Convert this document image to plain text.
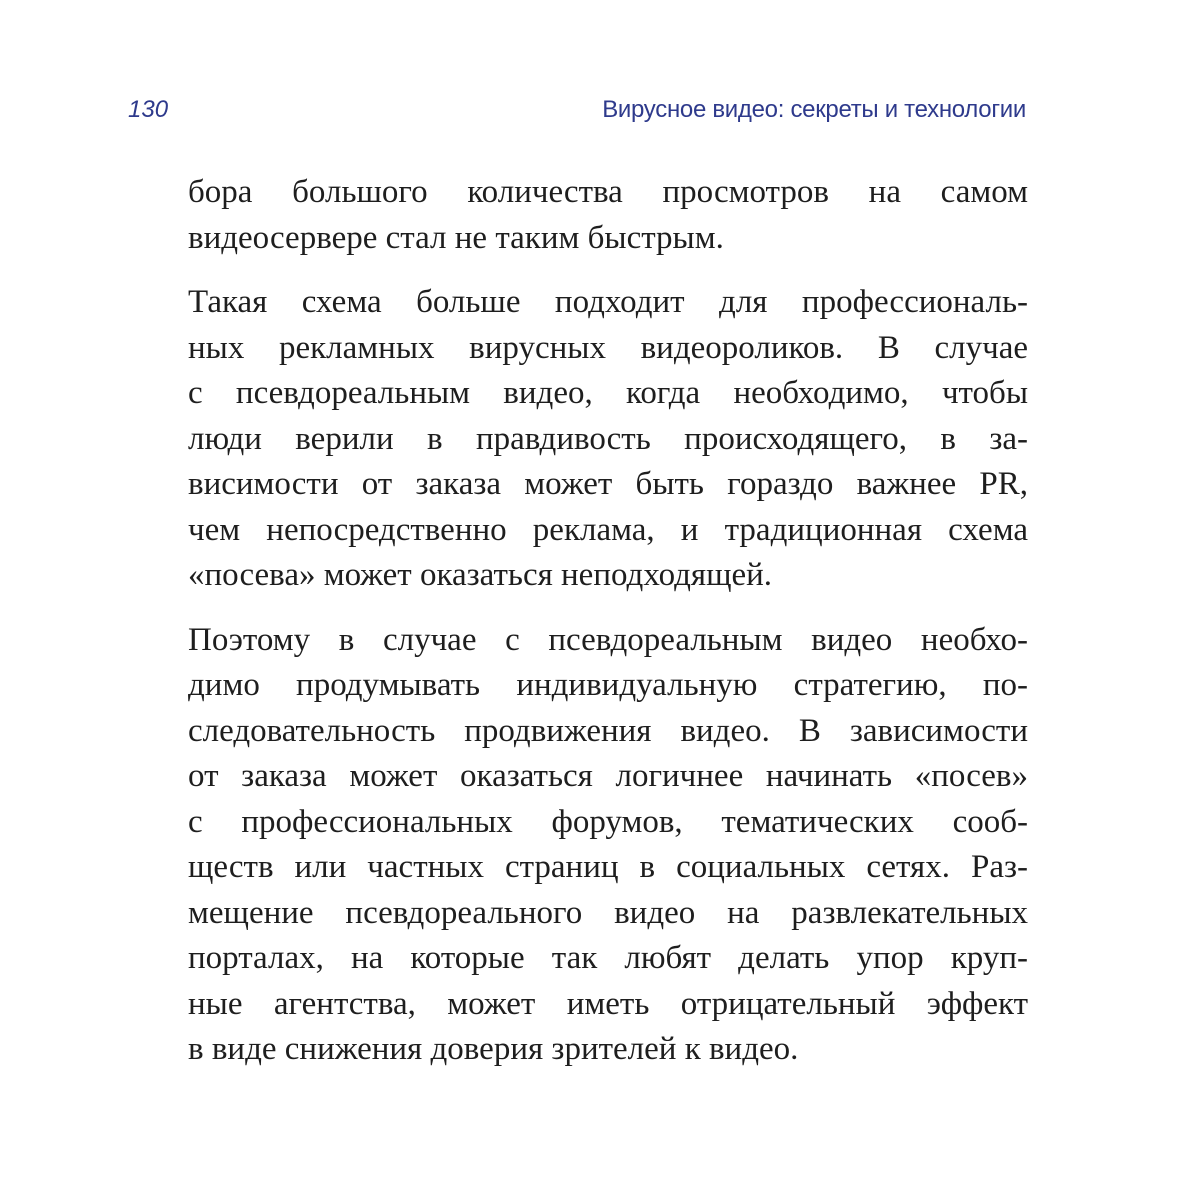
130	Вирусное видео: секреты и технологии

бора большого количества просмотров на самом
видеосервере стал не таким быстрым.

Такая схема больше подходит для профессиональ-
ных рекламных вирусных видеороликов. В случае
с псевдореальным видео, когда необходимо, чтобы
люди верили в правдивость происходящего, в за-
висимости от заказа может быть гораздо важнее PR,
чем непосредственно реклама, и традиционная схема
«посева» может оказаться неподходящей.

Поэтому в случае с псевдореальным видео необхо-
димо продумывать индивидуальную стратегию, по-
следовательность продвижения видео. В зависимости
от заказа может оказаться логичнее начинать «посев»
с профессиональных форумов, тематических сооб-
ществ или частных страниц в социальных сетях. Раз-
мещение псевдореального видео на развлекательных
порталах, на которые так любят делать упор круп-
ные агентства, может иметь отрицательный эффект
в виде снижения доверия зрителей к видео.
